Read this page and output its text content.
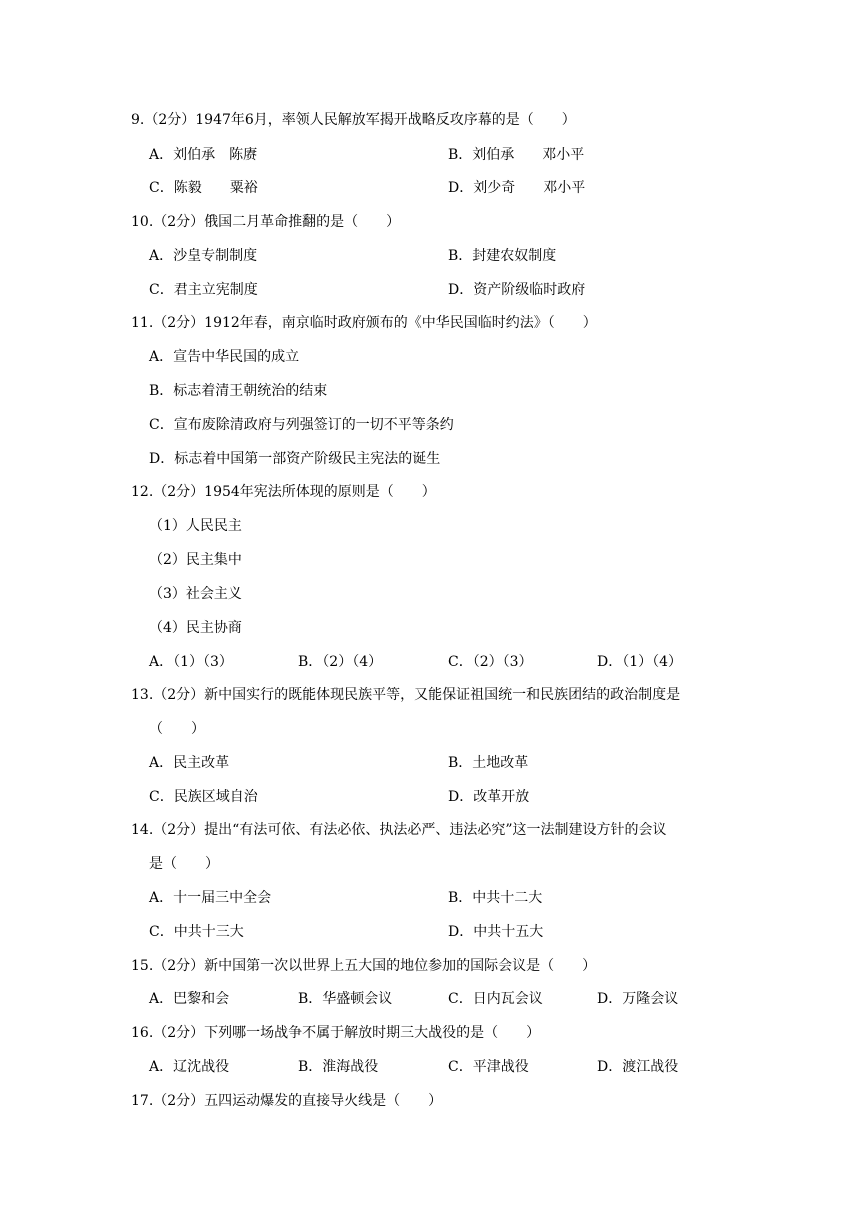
9.（2分）1947年6月，率领人民解放军揭开战略反攻序幕的是（　　）
A．刘伯承　陈赓	B．刘伯承　　邓小平
C．陈毅　　粟裕	D．刘少奇　　邓小平
10.（2分）俄国二月革命推翻的是（　　）
A．沙皇专制制度	B．封建农奴制度
C．君主立宪制度	D．资产阶级临时政府
11.（2分）1912年春，南京临时政府颁布的《中华民国临时约法》（　　）
A．宣告中华民国的成立
B．标志着清王朝统治的结束
C．宣布废除清政府与列强签订的一切不平等条约
D．标志着中国第一部资产阶级民主宪法的诞生
12.（2分）1954年宪法所体现的原则是（　　）
（1）人民民主
（2）民主集中
（3）社会主义
（4）民主协商
A．（1）（3）	B．（2）（4）	C．（2）（3）	D．（1）（4）
13.（2分）新中国实行的既能体现民族平等，又能保证祖国统一和民族团结的政治制度是
（　　）
A．民主改革	B．土地改革
C．民族区域自治	D．改革开放
14.（2分）提出“有法可依、有法必依、执法必严、违法必究”这一法制建设方针的会议
是（　　）
A．十一届三中全会	B．中共十二大
C．中共十三大	D．中共十五大
15.（2分）新中国第一次以世界上五大国的地位参加的国际会议是（　　）
A．巴黎和会	B．华盛顿会议	C．日内瓦会议	D．万隆会议
16.（2分）下列哪一场战争不属于解放时期三大战役的是（　　）
A．辽沈战役	B．淮海战役	C．平津战役	D．渡江战役
17.（2分）五四运动爆发的直接导火线是（　　）
